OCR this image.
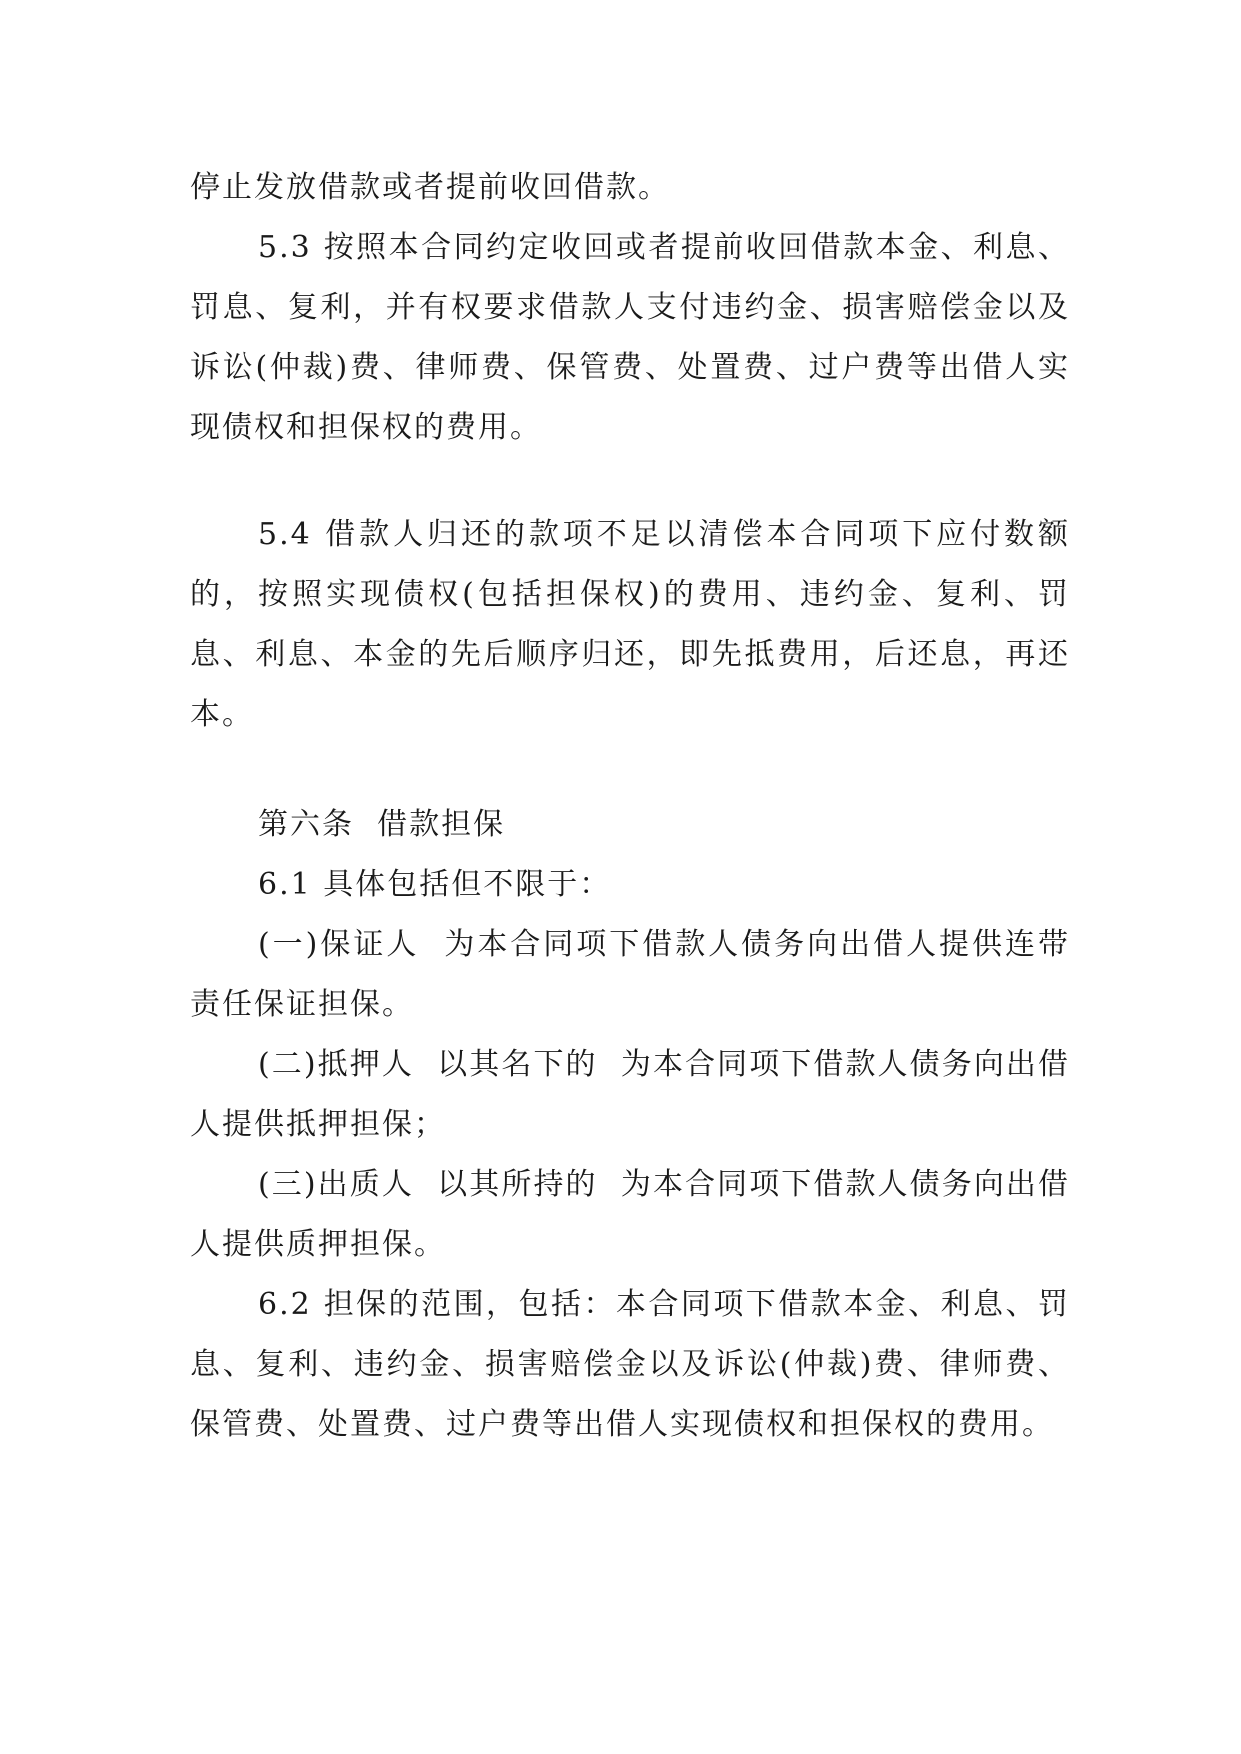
停止发放借款或者提前收回借款。

5.3 按照本合同约定收回或者提前收回借款本金、利息、罚息、复利，并有权要求借款人支付违约金、损害赔偿金以及诉讼(仲裁)费、律师费、保管费、处置费、过户费等出借人实现债权和担保权的费用。

5.4 借款人归还的款项不足以清偿本合同项下应付数额的，按照实现债权(包括担保权)的费用、违约金、复利、罚息、利息、本金的先后顺序归还，即先抵费用，后还息，再还本。

第六条  借款担保

6.1 具体包括但不限于：

(一)保证人  为本合同项下借款人债务向出借人提供连带责任保证担保。

(二)抵押人  以其名下的  为本合同项下借款人债务向出借人提供抵押担保；

(三)出质人  以其所持的  为本合同项下借款人债务向出借人提供质押担保。

6.2 担保的范围，包括：本合同项下借款本金、利息、罚息、复利、违约金、损害赔偿金以及诉讼(仲裁)费、律师费、保管费、处置费、过户费等出借人实现债权和担保权的费用。
